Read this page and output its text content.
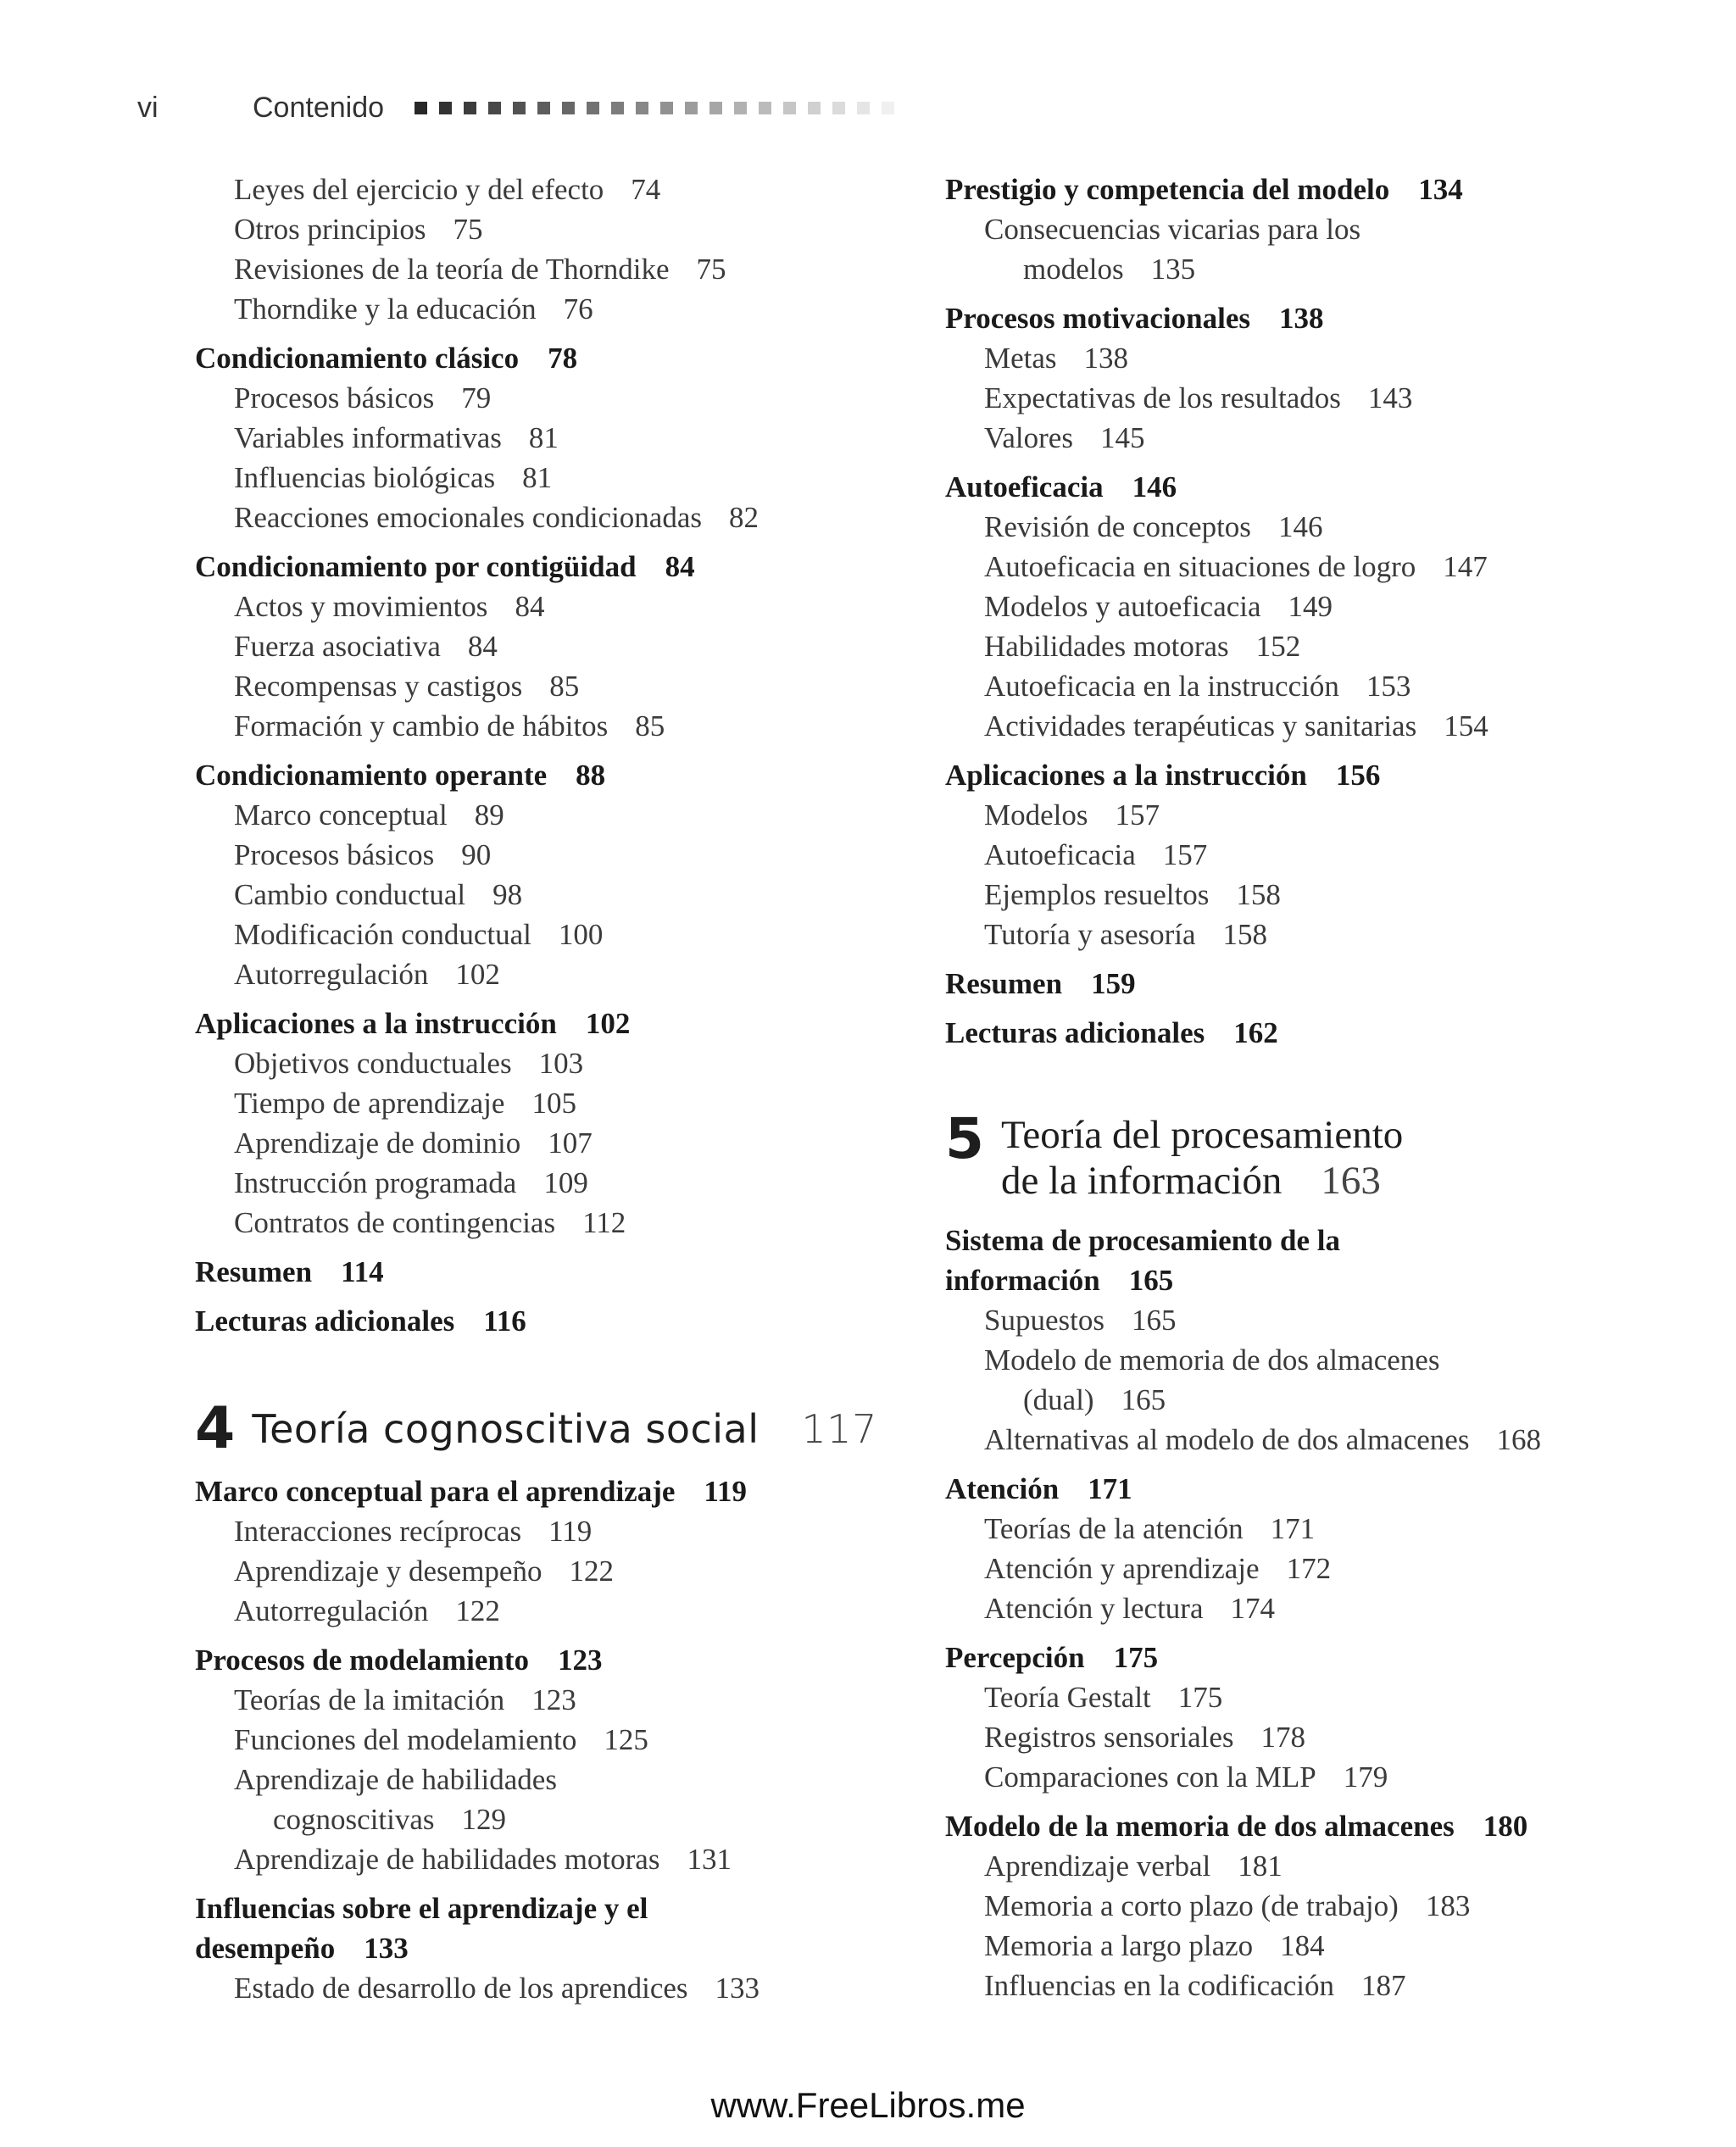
vi	Contenido
Leyes del ejercicio y del efecto 74
Otros principios 75
Revisiones de la teoría de Thorndike 75
Thorndike y la educación 76
Condicionamiento clásico 78
Procesos básicos 79
Variables informativas 81
Influencias biológicas 81
Reacciones emocionales condicionadas 82
Condicionamiento por contigüidad 84
Actos y movimientos 84
Fuerza asociativa 84
Recompensas y castigos 85
Formación y cambio de hábitos 85
Condicionamiento operante 88
Marco conceptual 89
Procesos básicos 90
Cambio conductual 98
Modificación conductual 100
Autorregulación 102
Aplicaciones a la instrucción 102
Objetivos conductuales 103
Tiempo de aprendizaje 105
Aprendizaje de dominio 107
Instrucción programada 109
Contratos de contingencias 112
Resumen 114
Lecturas adicionales 116
4 Teoría cognoscitiva social 117
Marco conceptual para el aprendizaje 119
Interacciones recíprocas 119
Aprendizaje y desempeño 122
Autorregulación 122
Procesos de modelamiento 123
Teorías de la imitación 123
Funciones del modelamiento 125
Aprendizaje de habilidades
cognoscitivas 129
Aprendizaje de habilidades motoras 131
Influencias sobre el aprendizaje y el
desempeño 133
Estado de desarrollo de los aprendices 133
Prestigio y competencia del modelo 134
Consecuencias vicarias para los
modelos 135
Procesos motivacionales 138
Metas 138
Expectativas de los resultados 143
Valores 145
Autoeficacia 146
Revisión de conceptos 146
Autoeficacia en situaciones de logro 147
Modelos y autoeficacia 149
Habilidades motoras 152
Autoeficacia en la instrucción 153
Actividades terapéuticas y sanitarias 154
Aplicaciones a la instrucción 156
Modelos 157
Autoeficacia 157
Ejemplos resueltos 158
Tutoría y asesoría 158
Resumen 159
Lecturas adicionales 162
5 Teoría del procesamiento
de la información 163
Sistema de procesamiento de la
información 165
Supuestos 165
Modelo de memoria de dos almacenes
(dual) 165
Alternativas al modelo de dos almacenes 168
Atención 171
Teorías de la atención 171
Atención y aprendizaje 172
Atención y lectura 174
Percepción 175
Teoría Gestalt 175
Registros sensoriales 178
Comparaciones con la MLP 179
Modelo de la memoria de dos almacenes 180
Aprendizaje verbal 181
Memoria a corto plazo (de trabajo) 183
Memoria a largo plazo 184
Influencias en la codificación 187
www.FreeLibros.me
